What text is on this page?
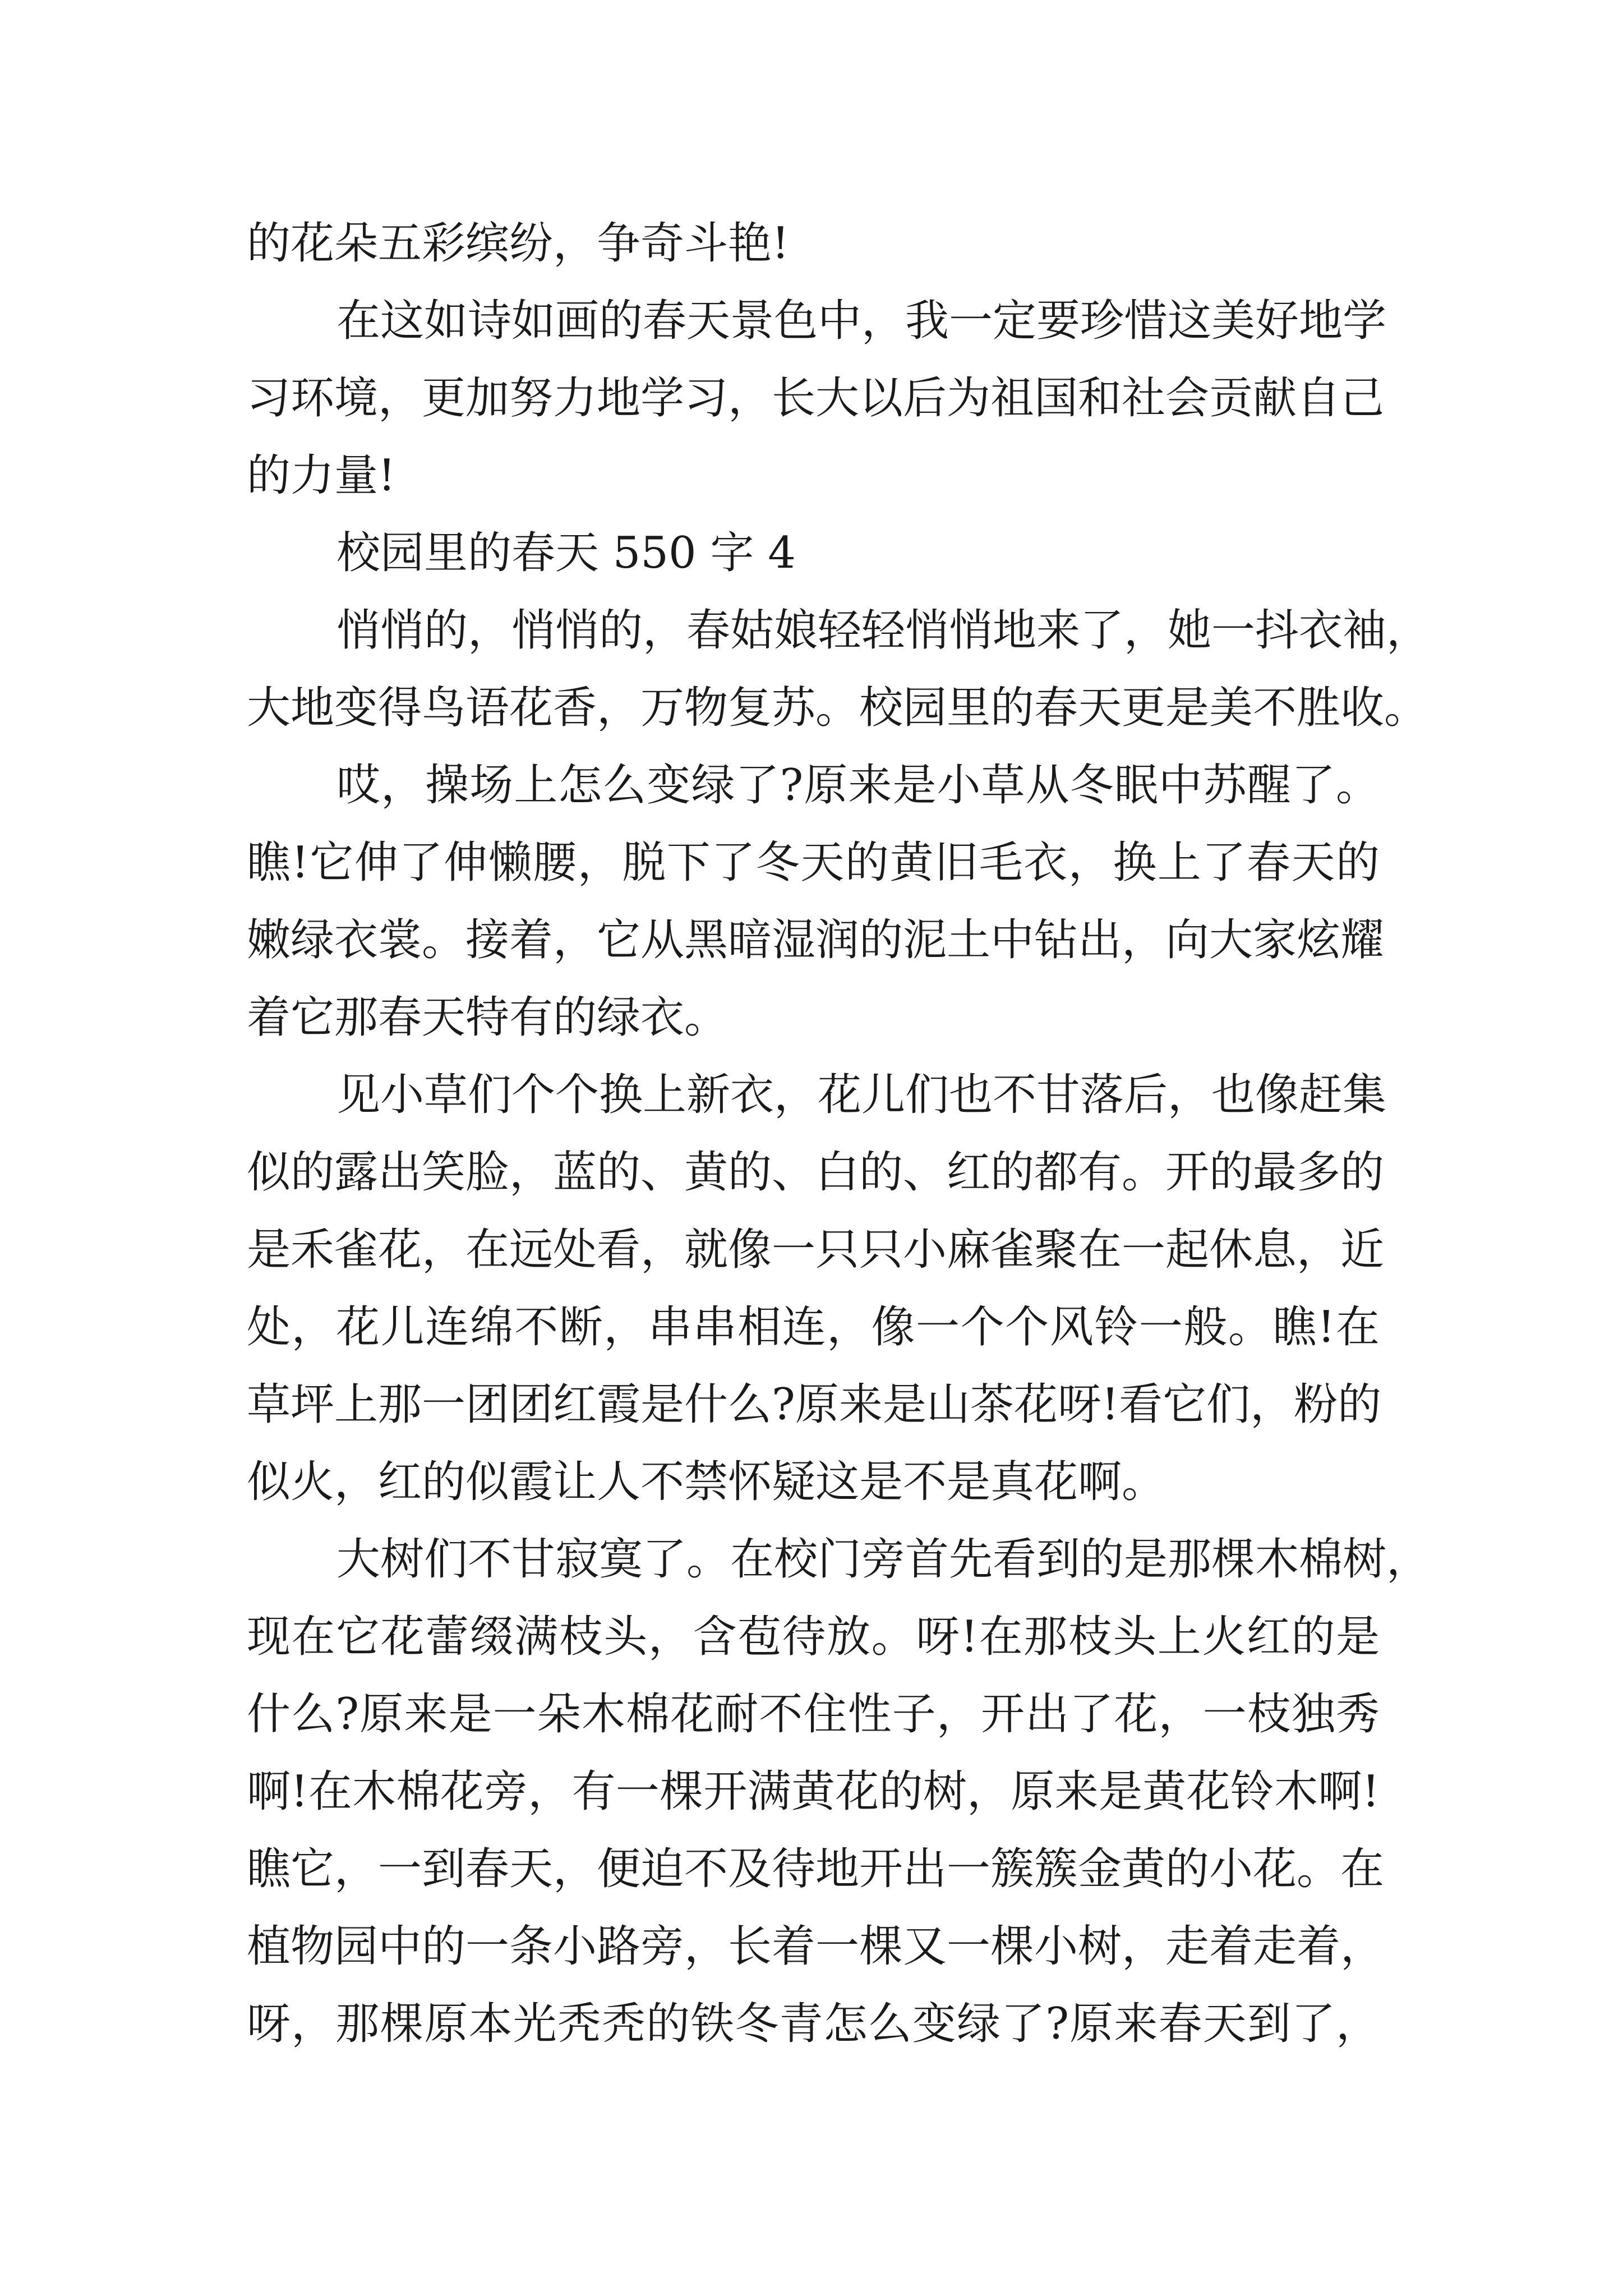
的花朵五彩缤纷，争奇斗艳!
在这如诗如画的春天景色中，我一定要珍惜这美好地学
习环境，更加努力地学习，长大以后为祖国和社会贡献自己
的力量!
校园里的春天 550 字 4
悄悄的，悄悄的，春姑娘轻轻悄悄地来了，她一抖衣袖，
大地变得鸟语花香，万物复苏。校园里的春天更是美不胜收。
哎，操场上怎么变绿了?原来是小草从冬眠中苏醒了。
瞧!它伸了伸懒腰，脱下了冬天的黄旧毛衣，换上了春天的
嫩绿衣裳。接着，它从黑暗湿润的泥土中钻出，向大家炫耀
着它那春天特有的绿衣。
见小草们个个换上新衣，花儿们也不甘落后，也像赶集
似的露出笑脸，蓝的、黄的、白的、红的都有。开的最多的
是禾雀花，在远处看，就像一只只小麻雀聚在一起休息，近
处，花儿连绵不断，串串相连，像一个个风铃一般。瞧!在
草坪上那一团团红霞是什么?原来是山茶花呀!看它们，粉的
似火，红的似霞让人不禁怀疑这是不是真花啊。
大树们不甘寂寞了。在校门旁首先看到的是那棵木棉树，
现在它花蕾缀满枝头，含苞待放。呀!在那枝头上火红的是
什么?原来是一朵木棉花耐不住性子，开出了花，一枝独秀
啊!在木棉花旁，有一棵开满黄花的树，原来是黄花铃木啊!
瞧它，一到春天，便迫不及待地开出一簇簇金黄的小花。在
植物园中的一条小路旁，长着一棵又一棵小树，走着走着，
呀，那棵原本光秃秃的铁冬青怎么变绿了?原来春天到了，
